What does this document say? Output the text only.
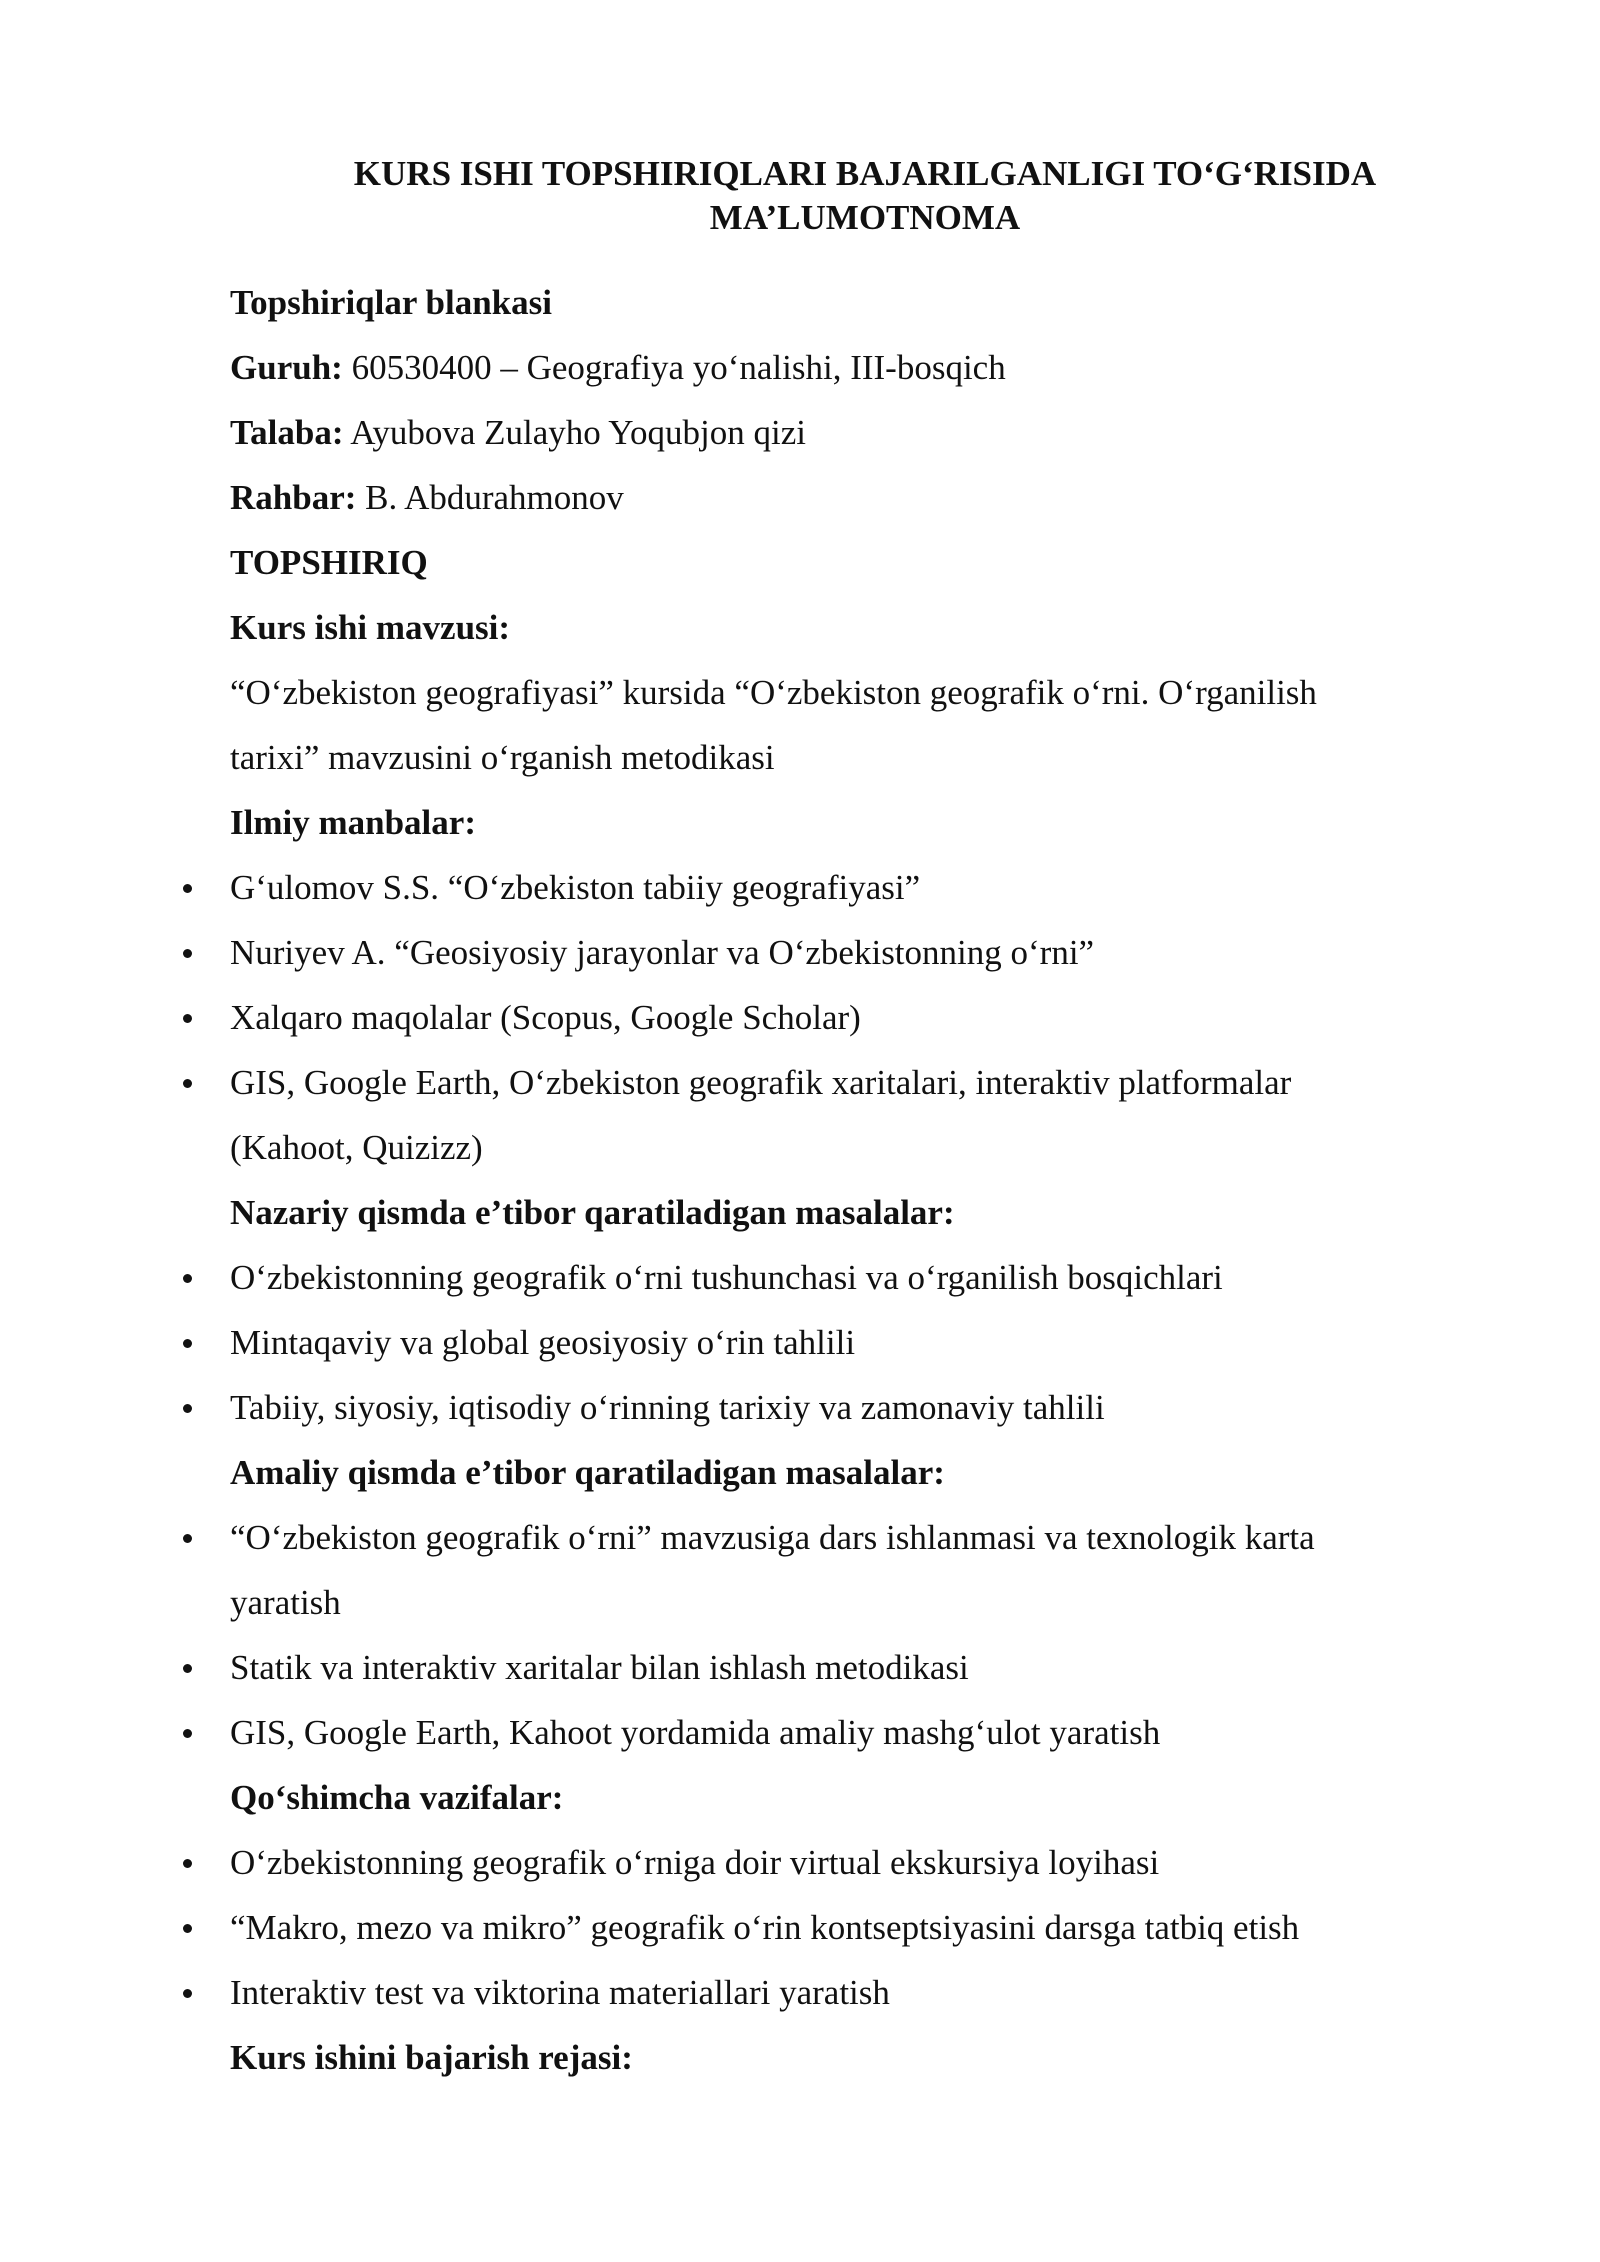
KURS ISHI TOPSHIRIQLARI BAJARILGANLIGI TO‘G‘RISIDA
MA’LUMOTNOMA

Topshiriqlar blankasi

Guruh: 60530400 – Geografiya yo‘nalishi, III-bosqich

Talaba: Ayubova Zulayho Yoqubjon qizi

Rahbar: B. Abdurahmonov

TOPSHIRIQ

Kurs ishi mavzusi:

“O‘zbekiston geografiyasi” kursida “O‘zbekiston geografik o‘rni. O‘rganilish

tarixi” mavzusini o‘rganish metodikasi

Ilmiy manbalar:

G‘ulomov S.S. “O‘zbekiston tabiiy geografiyasi”
Nuriyev A. “Geosiyosiy jarayonlar va O‘zbekistonning o‘rni”
Xalqaro maqolalar (Scopus, Google Scholar)
GIS, Google Earth, O‘zbekiston geografik xaritalari, interaktiv platformalar
(Kahoot, Quizizz)

Nazariy qismda e’tibor qaratiladigan masalalar:

O‘zbekistonning geografik o‘rni tushunchasi va o‘rganilish bosqichlari
Mintaqaviy va global geosiyosiy o‘rin tahlili
Tabiiy, siyosiy, iqtisodiy o‘rinning tarixiy va zamonaviy tahlili

Amaliy qismda e’tibor qaratiladigan masalalar:

“O‘zbekiston geografik o‘rni” mavzusiga dars ishlanmasi va texnologik karta
yaratish
Statik va interaktiv xaritalar bilan ishlash metodikasi
GIS, Google Earth, Kahoot yordamida amaliy mashg‘ulot yaratish

Qo‘shimcha vazifalar:

O‘zbekistonning geografik o‘rniga doir virtual ekskursiya loyihasi
“Makro, mezo va mikro” geografik o‘rin kontseptsiyasini darsga tatbiq etish
Interaktiv test va viktorina materiallari yaratish

Kurs ishini bajarish rejasi:
